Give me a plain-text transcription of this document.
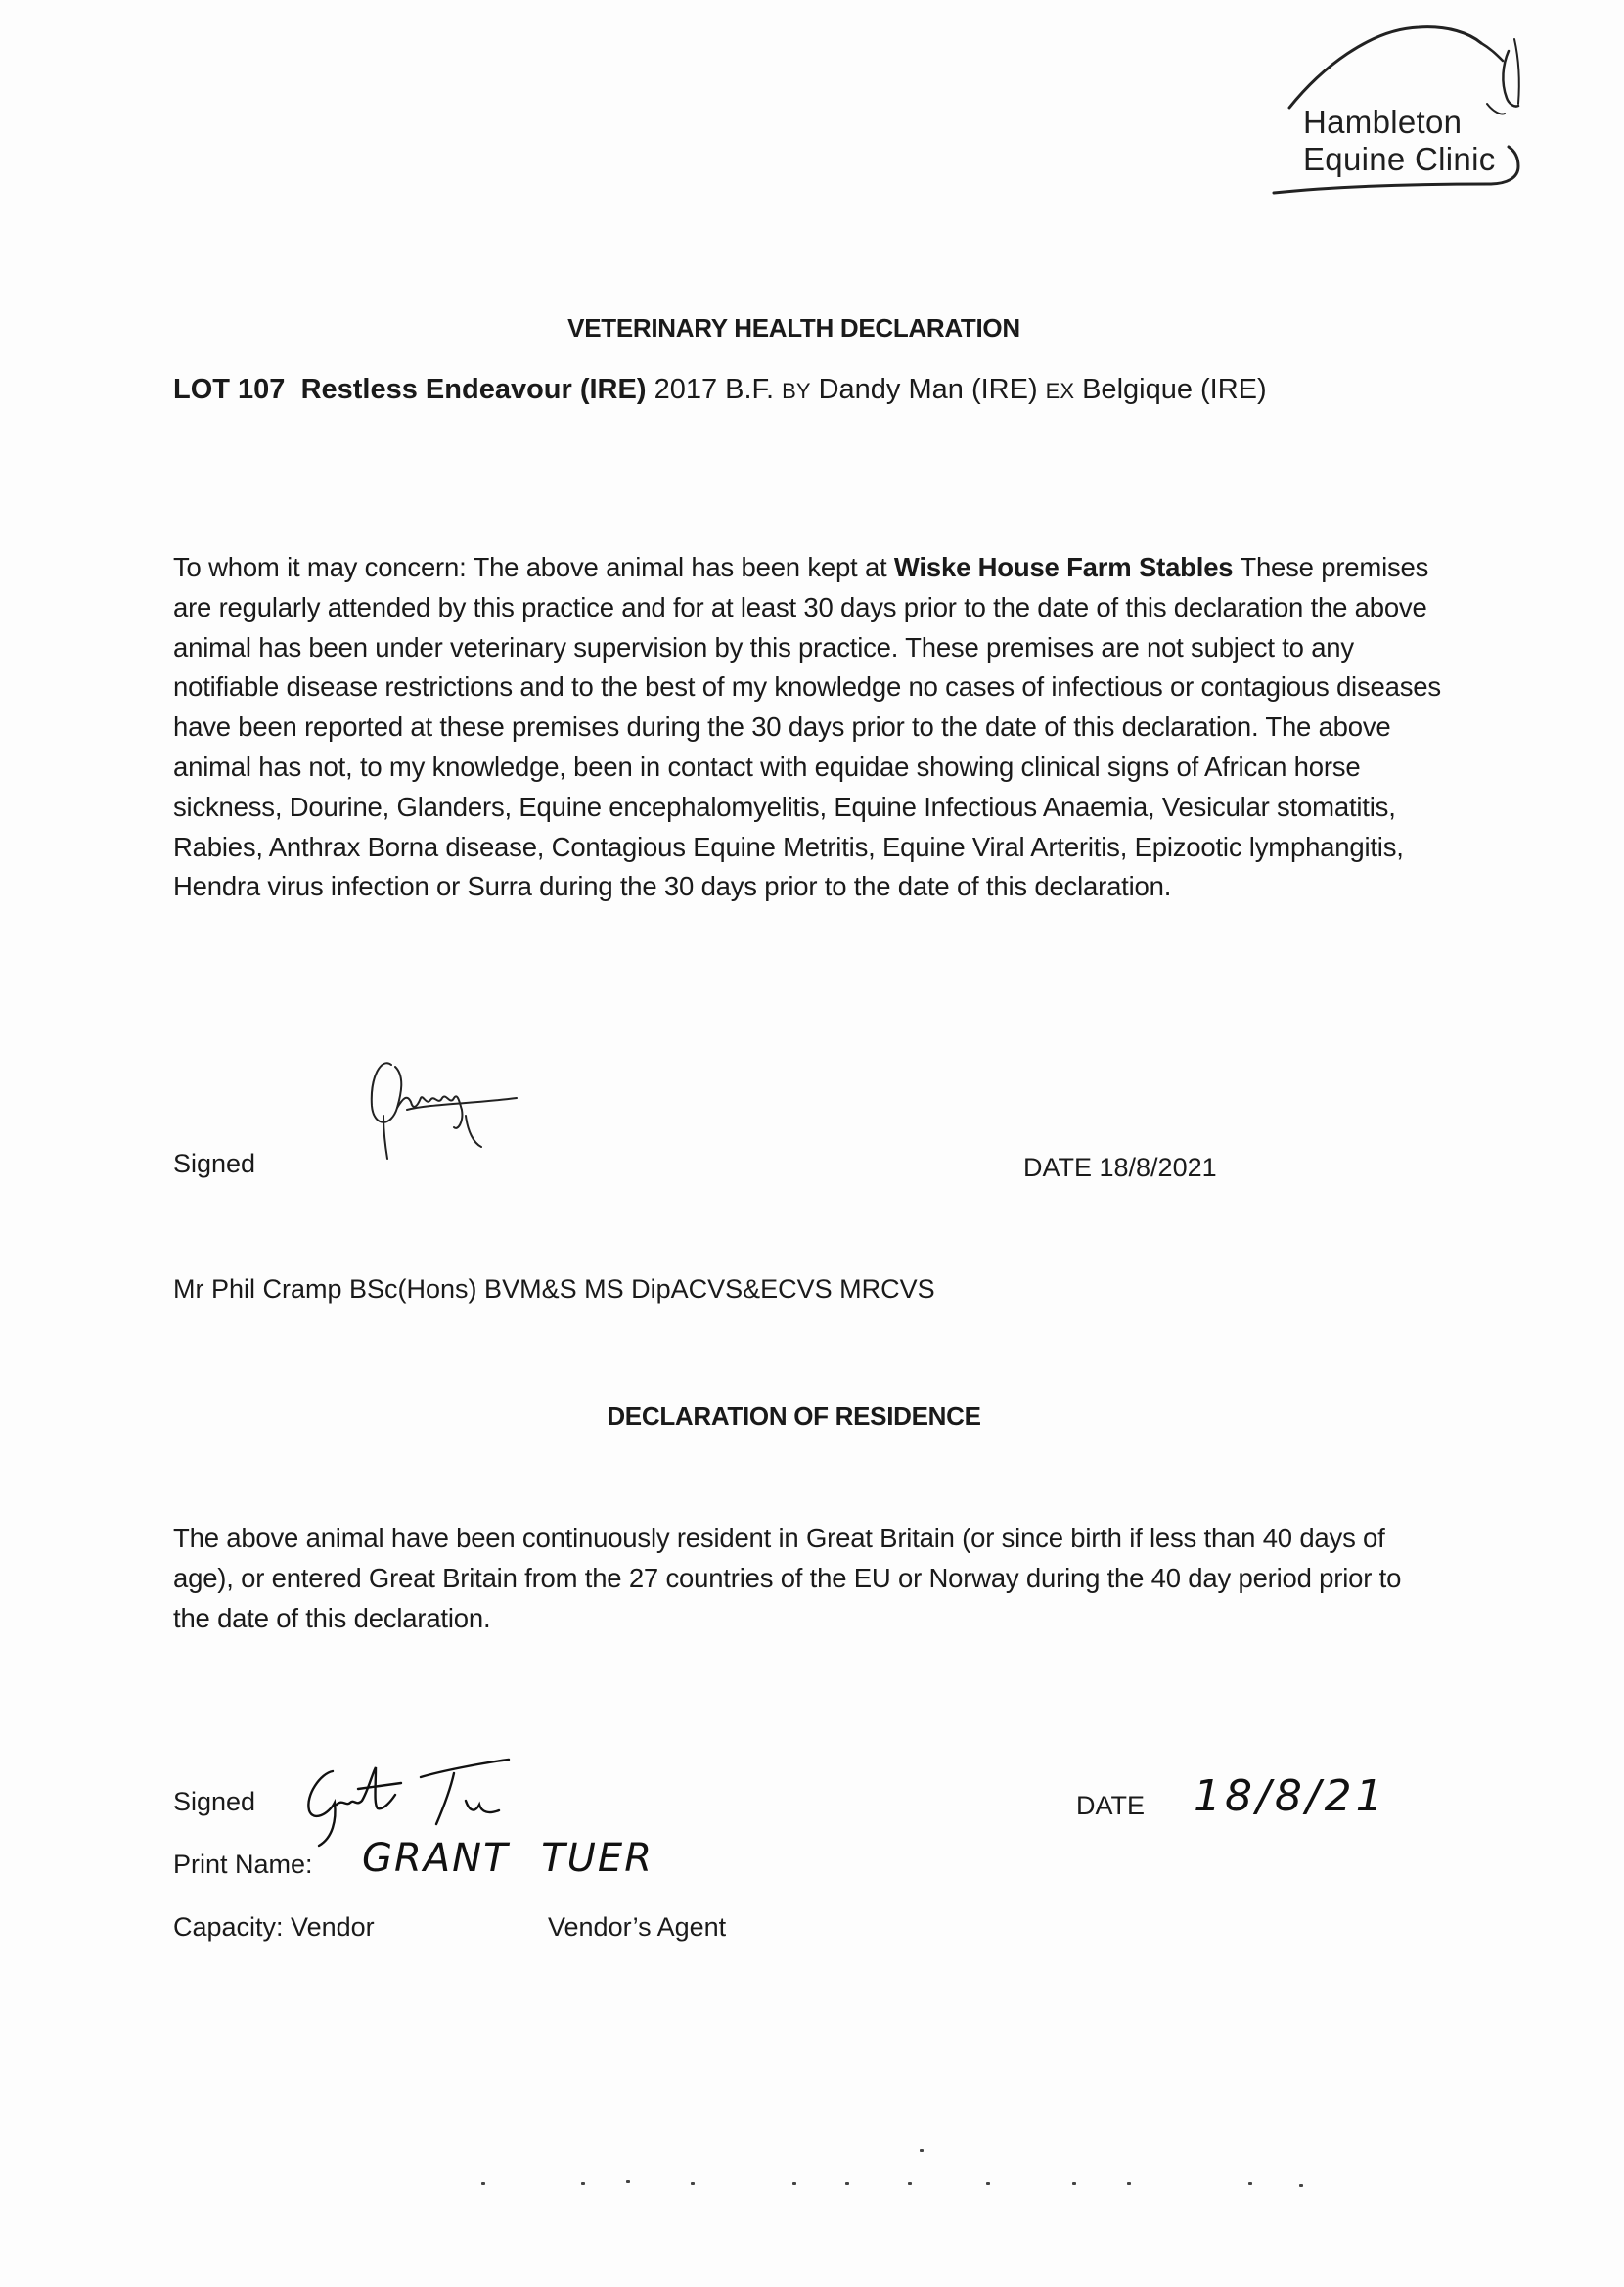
Hambleton
Equine Clinic
VETERINARY HEALTH DECLARATION
LOT 107 Restless Endeavour (IRE) 2017 B.F. BY Dandy Man (IRE) EX Belgique (IRE)
To whom it may concern: The above animal has been kept at Wiske House Farm Stables These premises are regularly attended by this practice and for at least 30 days prior to the date of this declaration the above animal has been under veterinary supervision by this practice. These premises are not subject to any notifiable disease restrictions and to the best of my knowledge no cases of infectious or contagious diseases have been reported at these premises during the 30 days prior to the date of this declaration. The above animal has not, to my knowledge, been in contact with equidae showing clinical signs of African horse sickness, Dourine, Glanders, Equine encephalomyelitis, Equine Infectious Anaemia, Vesicular stomatitis, Rabies, Anthrax Borna disease, Contagious Equine Metritis, Equine Viral Arteritis, Epizootic lymphangitis, Hendra virus infection or Surra during the 30 days prior to the date of this declaration.
Signed	DATE 18/8/2021
Mr Phil Cramp BSc(Hons) BVM&S MS DipACVS&ECVS MRCVS
DECLARATION OF RESIDENCE
The above animal have been continuously resident in Great Britain (or since birth if less than 40 days of age), or entered Great Britain from the 27 countries of the EU or Norway during the 40 day period prior to the date of this declaration.
Signed	DATE 18/8/21
Print Name: GRANT TUER
Capacity: Vendor	Vendor’s Agent
